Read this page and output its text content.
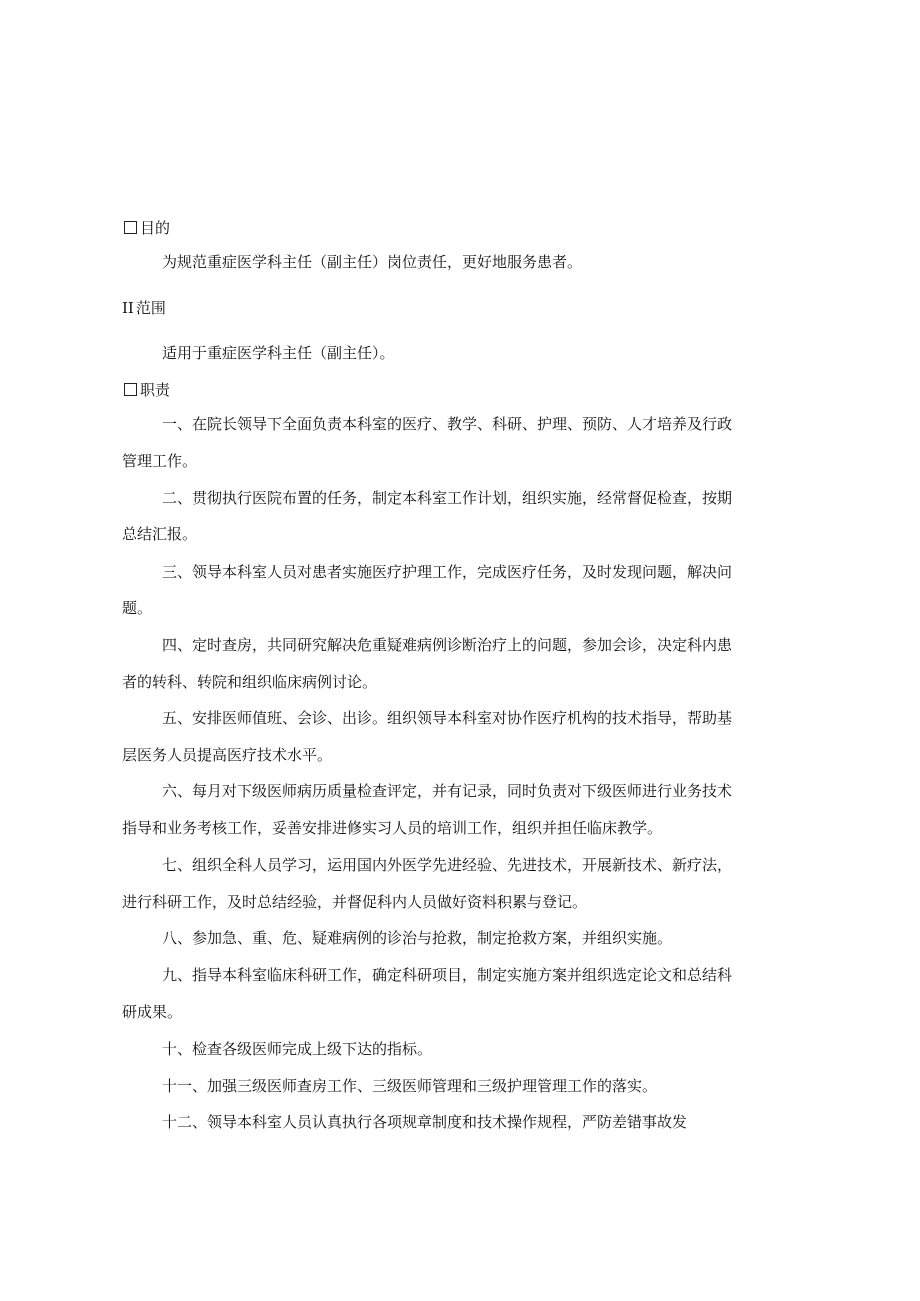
目的
为规范重症医学科主任（副主任）岗位责任，更好地服务患者。
II 范围
适用于重症医学科主任（副主任）。
职责
一、在院长领导下全面负责本科室的医疗、教学、科研、护理、预防、人才培养及行政
管理工作。
二、贯彻执行医院布置的任务，制定本科室工作计划，组织实施，经常督促检查，按期
总结汇报。
三、领导本科室人员对患者实施医疗护理工作，完成医疗任务，及时发现问题，解决问
题。
四、定时查房，共同研究解决危重疑难病例诊断治疗上的问题，参加会诊，决定科内患
者的转科、转院和组织临床病例讨论。
五、安排医师值班、会诊、出诊。组织领导本科室对协作医疗机构的技术指导，帮助基
层医务人员提高医疗技术水平。
六、每月对下级医师病历质量检查评定，并有记录，同时负责对下级医师进行业务技术
指导和业务考核工作，妥善安排进修实习人员的培训工作，组织并担任临床教学。
七、组织全科人员学习，运用国内外医学先进经验、先进技术，开展新技术、新疗法，
进行科研工作，及时总结经验，并督促科内人员做好资料积累与登记。
八、参加急、重、危、疑难病例的诊治与抢救，制定抢救方案，并组织实施。
九、指导本科室临床科研工作，确定科研项目，制定实施方案并组织选定论文和总结科
研成果。
十、检查各级医师完成上级下达的指标。
十一、加强三级医师查房工作、三级医师管理和三级护理管理工作的落实。
十二、领导本科室人员认真执行各项规章制度和技术操作规程，严防差错事故发
